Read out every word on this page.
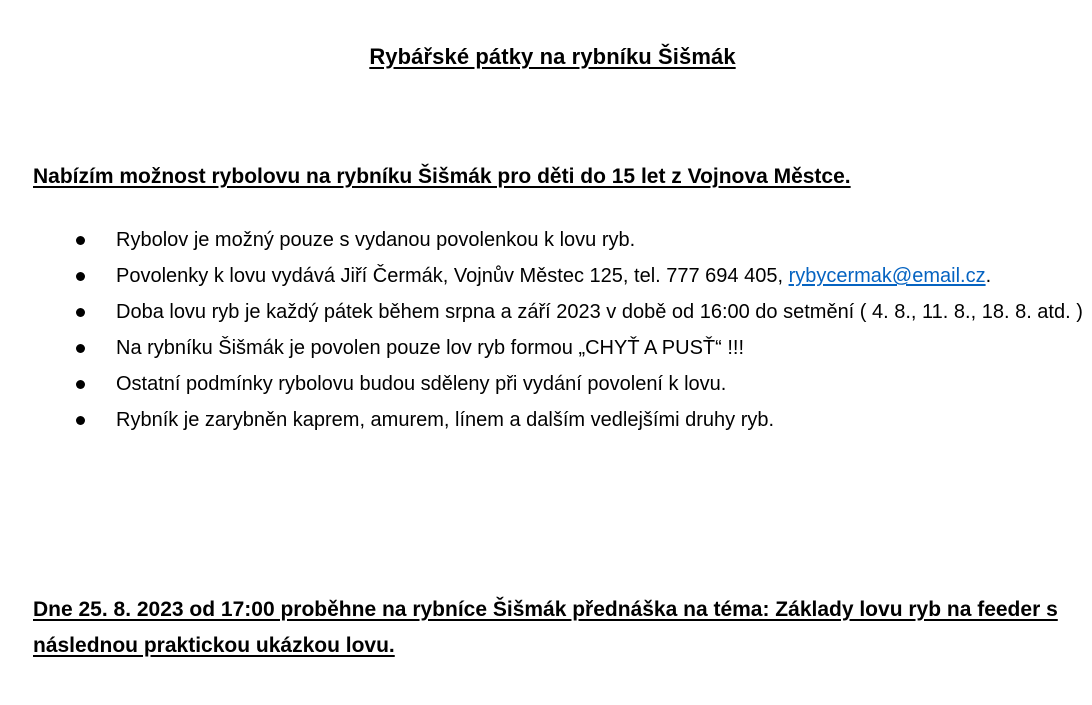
Rybářské pátky na rybníku Šišmák
Nabízím možnost rybolovu na rybníku Šišmák pro děti do 15 let z Vojnova Městce.
Rybolov je možný pouze s vydanou povolenkou k lovu ryb.
Povolenky k lovu vydává Jiří Čermák, Vojnův Městec 125, tel. 777 694 405, rybycermak@email.cz.
Doba lovu ryb je každý pátek během srpna a září 2023 v době od 16:00 do setmění ( 4. 8., 11. 8., 18. 8. atd. )
Na rybníku Šišmák je povolen pouze lov ryb formou „CHYŤ A PUSŤ“ !!!
Ostatní podmínky rybolovu budou sděleny při vydání povolení k lovu.
Rybník je zarybněn kaprem, amurem, línem a dalším vedlejšími druhy ryb.
Dne 25. 8. 2023 od 17:00 proběhne na rybníce Šišmák přednáška na téma: Základy lovu ryb na feeder s následnou praktickou ukázkou lovu.
